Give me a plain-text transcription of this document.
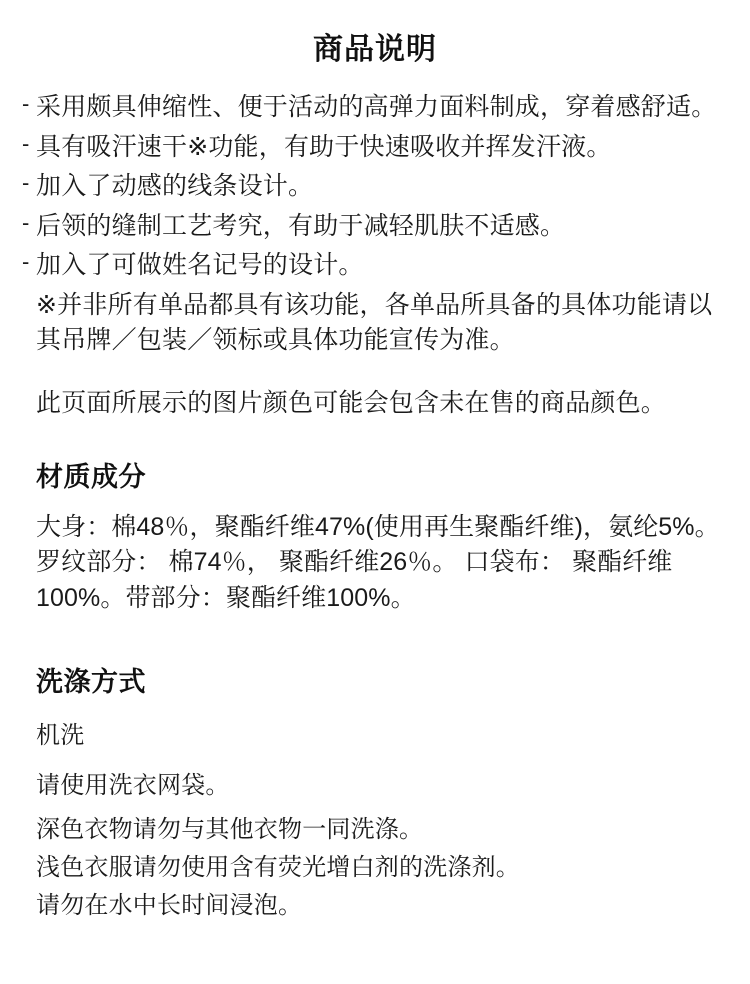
商品说明
- 采用颇具伸缩性、便于活动的高弹力面料制成，穿着感舒适。
- 具有吸汗速干※功能，有助于快速吸收并挥发汗液。
- 加入了动感的线条设计。
- 后领的缝制工艺考究，有助于减轻肌肤不适感。
- 加入了可做姓名记号的设计。
※并非所有单品都具有该功能，各单品所具备的具体功能请以其吊牌／包装／领标或具体功能宣传为准。
此页面所展示的图片颜色可能会包含未在售的商品颜色。
材质成分
大身：棉48％，聚酯纤维47%(使用再生聚酯纤维)，氨纶5%。罗纹部分： 棉74％， 聚酯纤维26％。 口袋布： 聚酯纤维100%。带部分：聚酯纤维100%。
洗涤方式
机洗
请使用洗衣网袋。
深色衣物请勿与其他衣物一同洗涤。
浅色衣服请勿使用含有荧光增白剂的洗涤剂。
请勿在水中长时间浸泡。
